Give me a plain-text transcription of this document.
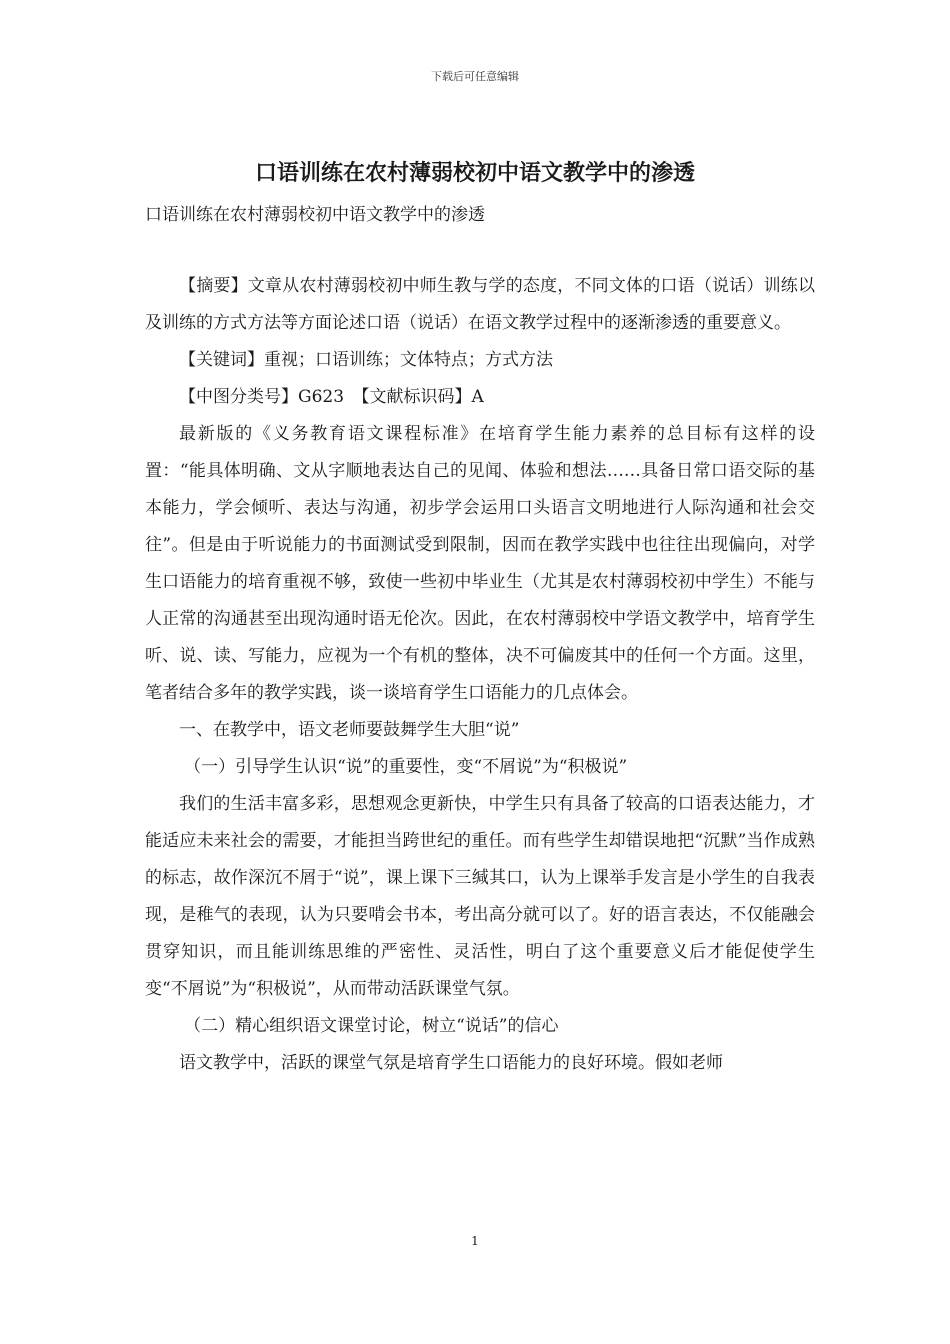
下载后可任意编辑
口语训练在农村薄弱校初中语文教学中的渗透

口语训练在农村薄弱校初中语文教学中的渗透

【摘要】文章从农村薄弱校初中师生教与学的态度，不同文体的口语（说话）训练以及训练的方式方法等方面论述口语（说话）在语文教学过程中的逐渐渗透的重要意义。

【关键词】重视；口语训练；文体特点；方式方法

【中图分类号】G623　【文献标识码】A

最新版的《义务教育语文课程标准》在培育学生能力素养的总目标有这样的设置：“能具体明确、文从字顺地表达自己的见闻、体验和想法……具备日常口语交际的基本能力，学会倾听、表达与沟通，初步学会运用口头语言文明地进行人际沟通和社会交往”。但是由于听说能力的书面测试受到限制，因而在教学实践中也往往出现偏向，对学生口语能力的培育重视不够，致使一些初中毕业生（尤其是农村薄弱校初中学生）不能与人正常的沟通甚至出现沟通时语无伦次。因此，在农村薄弱校中学语文教学中，培育学生听、说、读、写能力，应视为一个有机的整体，决不可偏废其中的任何一个方面。这里，笔者结合多年的教学实践，谈一谈培育学生口语能力的几点体会。

一、在教学中，语文老师要鼓舞学生大胆“说”

（一）引导学生认识“说”的重要性，变“不屑说”为“积极说”

我们的生活丰富多彩，思想观念更新快，中学生只有具备了较高的口语表达能力，才能适应未来社会的需要，才能担当跨世纪的重任。而有些学生却错误地把“沉默”当作成熟的标志，故作深沉不屑于“说”，课上课下三缄其口，认为上课举手发言是小学生的自我表现，是稚气的表现，认为只要啃会书本，考出高分就可以了。好的语言表达，不仅能融会贯穿知识，而且能训练思维的严密性、灵活性，明白了这个重要意义后才能促使学生变“不屑说”为“积极说”，从而带动活跃课堂气氛。

（二）精心组织语文课堂讨论，树立“说话”的信心

语文教学中，活跃的课堂气氛是培育学生口语能力的良好环境。假如老师

1
